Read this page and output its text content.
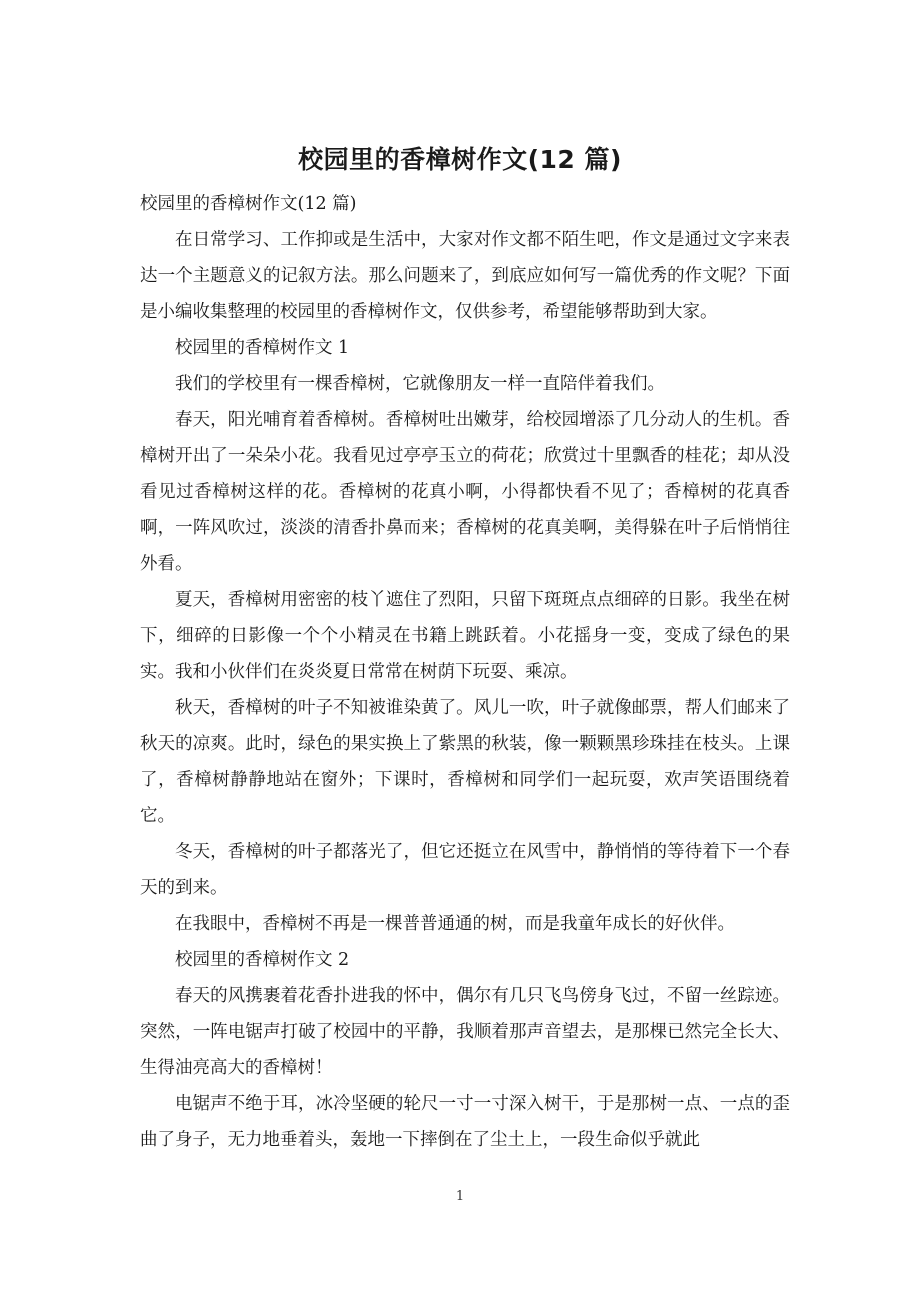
校园里的香樟树作文(12 篇)

校园里的香樟树作文(12 篇)

在日常学习、工作抑或是生活中，大家对作文都不陌生吧，作文是通过文字来表达一个主题意义的记叙方法。那么问题来了，到底应如何写一篇优秀的作文呢？下面是小编收集整理的校园里的香樟树作文，仅供参考，希望能够帮助到大家。

校园里的香樟树作文 1

我们的学校里有一棵香樟树，它就像朋友一样一直陪伴着我们。

春天，阳光哺育着香樟树。香樟树吐出嫩芽，给校园增添了几分动人的生机。香樟树开出了一朵朵小花。我看见过亭亭玉立的荷花；欣赏过十里飘香的桂花；却从没看见过香樟树这样的花。香樟树的花真小啊，小得都快看不见了；香樟树的花真香啊，一阵风吹过，淡淡的清香扑鼻而来；香樟树的花真美啊，美得躲在叶子后悄悄往外看。

夏天，香樟树用密密的枝丫遮住了烈阳，只留下斑斑点点细碎的日影。我坐在树下，细碎的日影像一个个小精灵在书籍上跳跃着。小花摇身一变，变成了绿色的果实。我和小伙伴们在炎炎夏日常常在树荫下玩耍、乘凉。

秋天，香樟树的叶子不知被谁染黄了。风儿一吹，叶子就像邮票，帮人们邮来了秋天的凉爽。此时，绿色的果实换上了紫黑的秋装，像一颗颗黑珍珠挂在枝头。上课了，香樟树静静地站在窗外；下课时，香樟树和同学们一起玩耍，欢声笑语围绕着它。

冬天，香樟树的叶子都落光了，但它还挺立在风雪中，静悄悄的等待着下一个春天的到来。

在我眼中，香樟树不再是一棵普普通通的树，而是我童年成长的好伙伴。

校园里的香樟树作文 2

春天的风携裹着花香扑进我的怀中，偶尔有几只飞鸟傍身飞过，不留一丝踪迹。突然，一阵电锯声打破了校园中的平静，我顺着那声音望去，是那棵已然完全长大、生得油亮高大的香樟树！

电锯声不绝于耳，冰冷坚硬的轮尺一寸一寸深入树干，于是那树一点、一点的歪曲了身子，无力地垂着头，轰地一下摔倒在了尘土上，一段生命似乎就此

1
